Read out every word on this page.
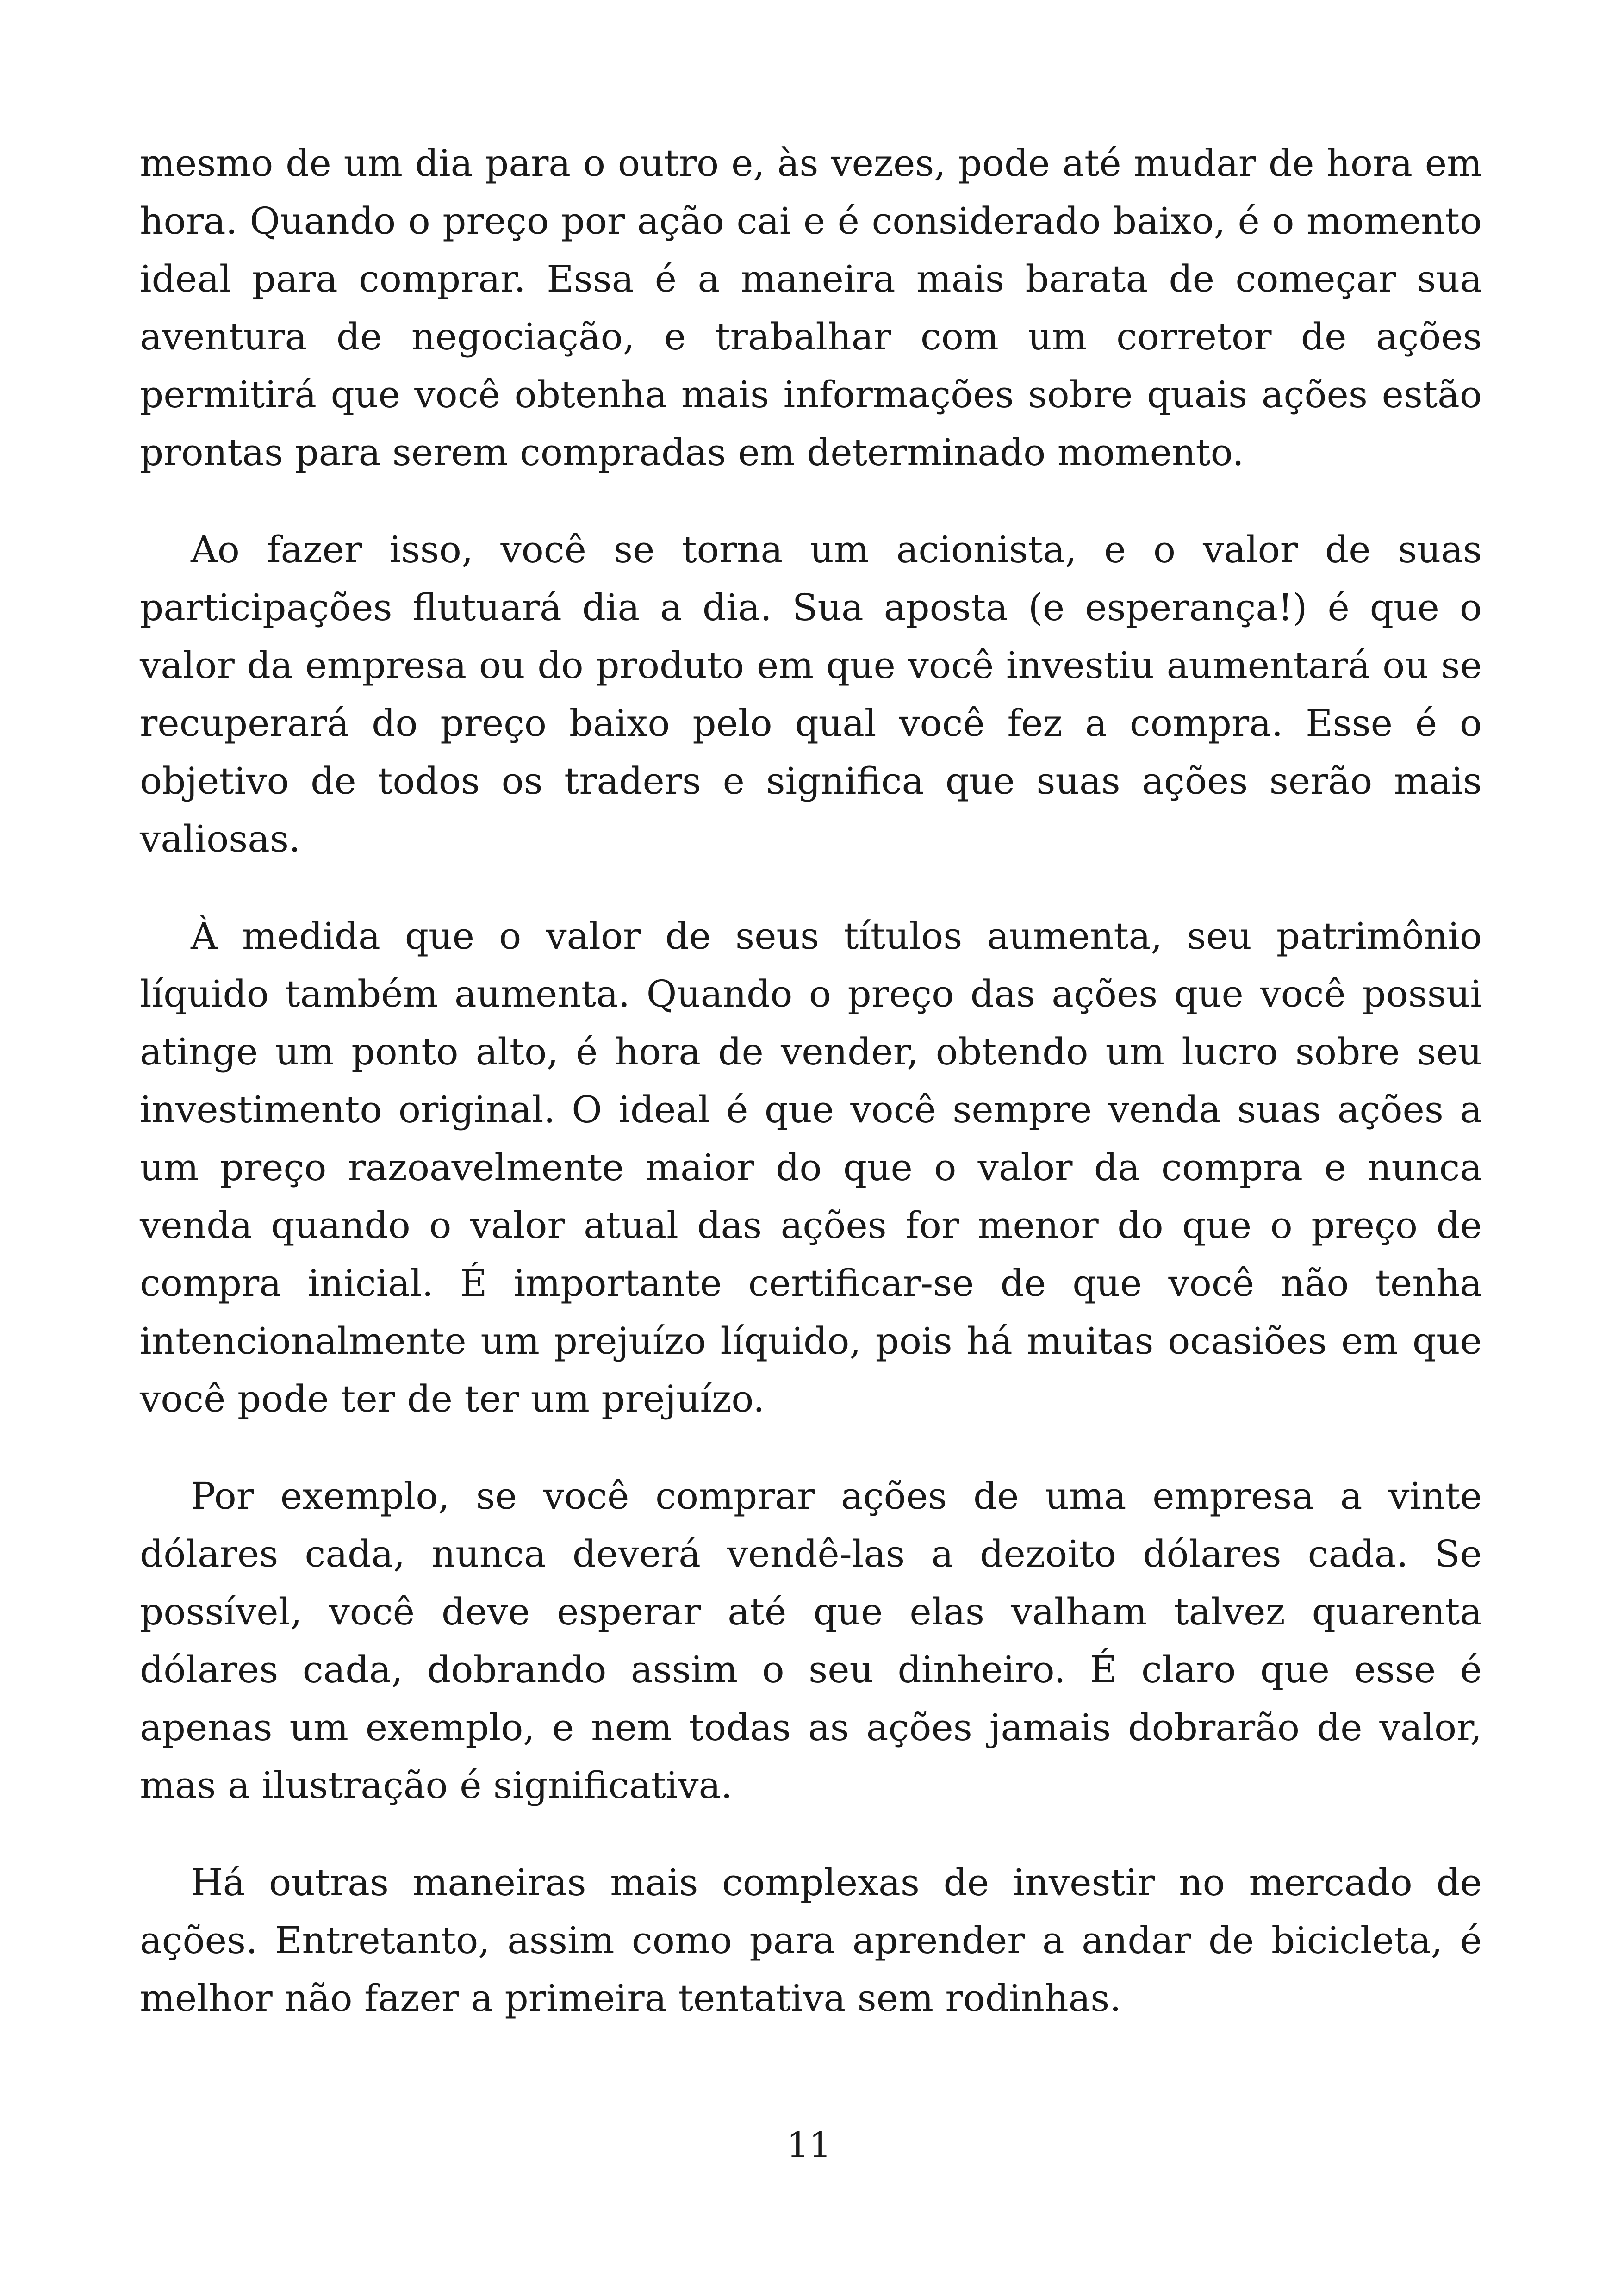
mesmo de um dia para o outro e, às vezes, pode até mudar de hora em hora. Quando o preço por ação cai e é considerado baixo, é o momento ideal para comprar. Essa é a maneira mais barata de começar sua aventura de negociação, e trabalhar com um corretor de ações permitirá que você obtenha mais informações sobre quais ações estão prontas para serem compradas em determinado momento.

Ao fazer isso, você se torna um acionista, e o valor de suas participações flutuará dia a dia. Sua aposta (e esperança!) é que o valor da empresa ou do produto em que você investiu aumentará ou se recuperará do preço baixo pelo qual você fez a compra. Esse é o objetivo de todos os traders e significa que suas ações serão mais valiosas.

À medida que o valor de seus títulos aumenta, seu patrimônio líquido também aumenta. Quando o preço das ações que você possui atinge um ponto alto, é hora de vender, obtendo um lucro sobre seu investimento original. O ideal é que você sempre venda suas ações a um preço razoavelmente maior do que o valor da compra e nunca venda quando o valor atual das ações for menor do que o preço de compra inicial. É importante certificar-se de que você não tenha intencionalmente um prejuízo líquido, pois há muitas ocasiões em que você pode ter de ter um prejuízo.

Por exemplo, se você comprar ações de uma empresa a vinte dólares cada, nunca deverá vendê-las a dezoito dólares cada. Se possível, você deve esperar até que elas valham talvez quarenta dólares cada, dobrando assim o seu dinheiro. É claro que esse é apenas um exemplo, e nem todas as ações jamais dobrarão de valor, mas a ilustração é significativa.

Há outras maneiras mais complexas de investir no mercado de ações. Entretanto, assim como para aprender a andar de bicicleta, é melhor não fazer a primeira tentativa sem rodinhas.

11
